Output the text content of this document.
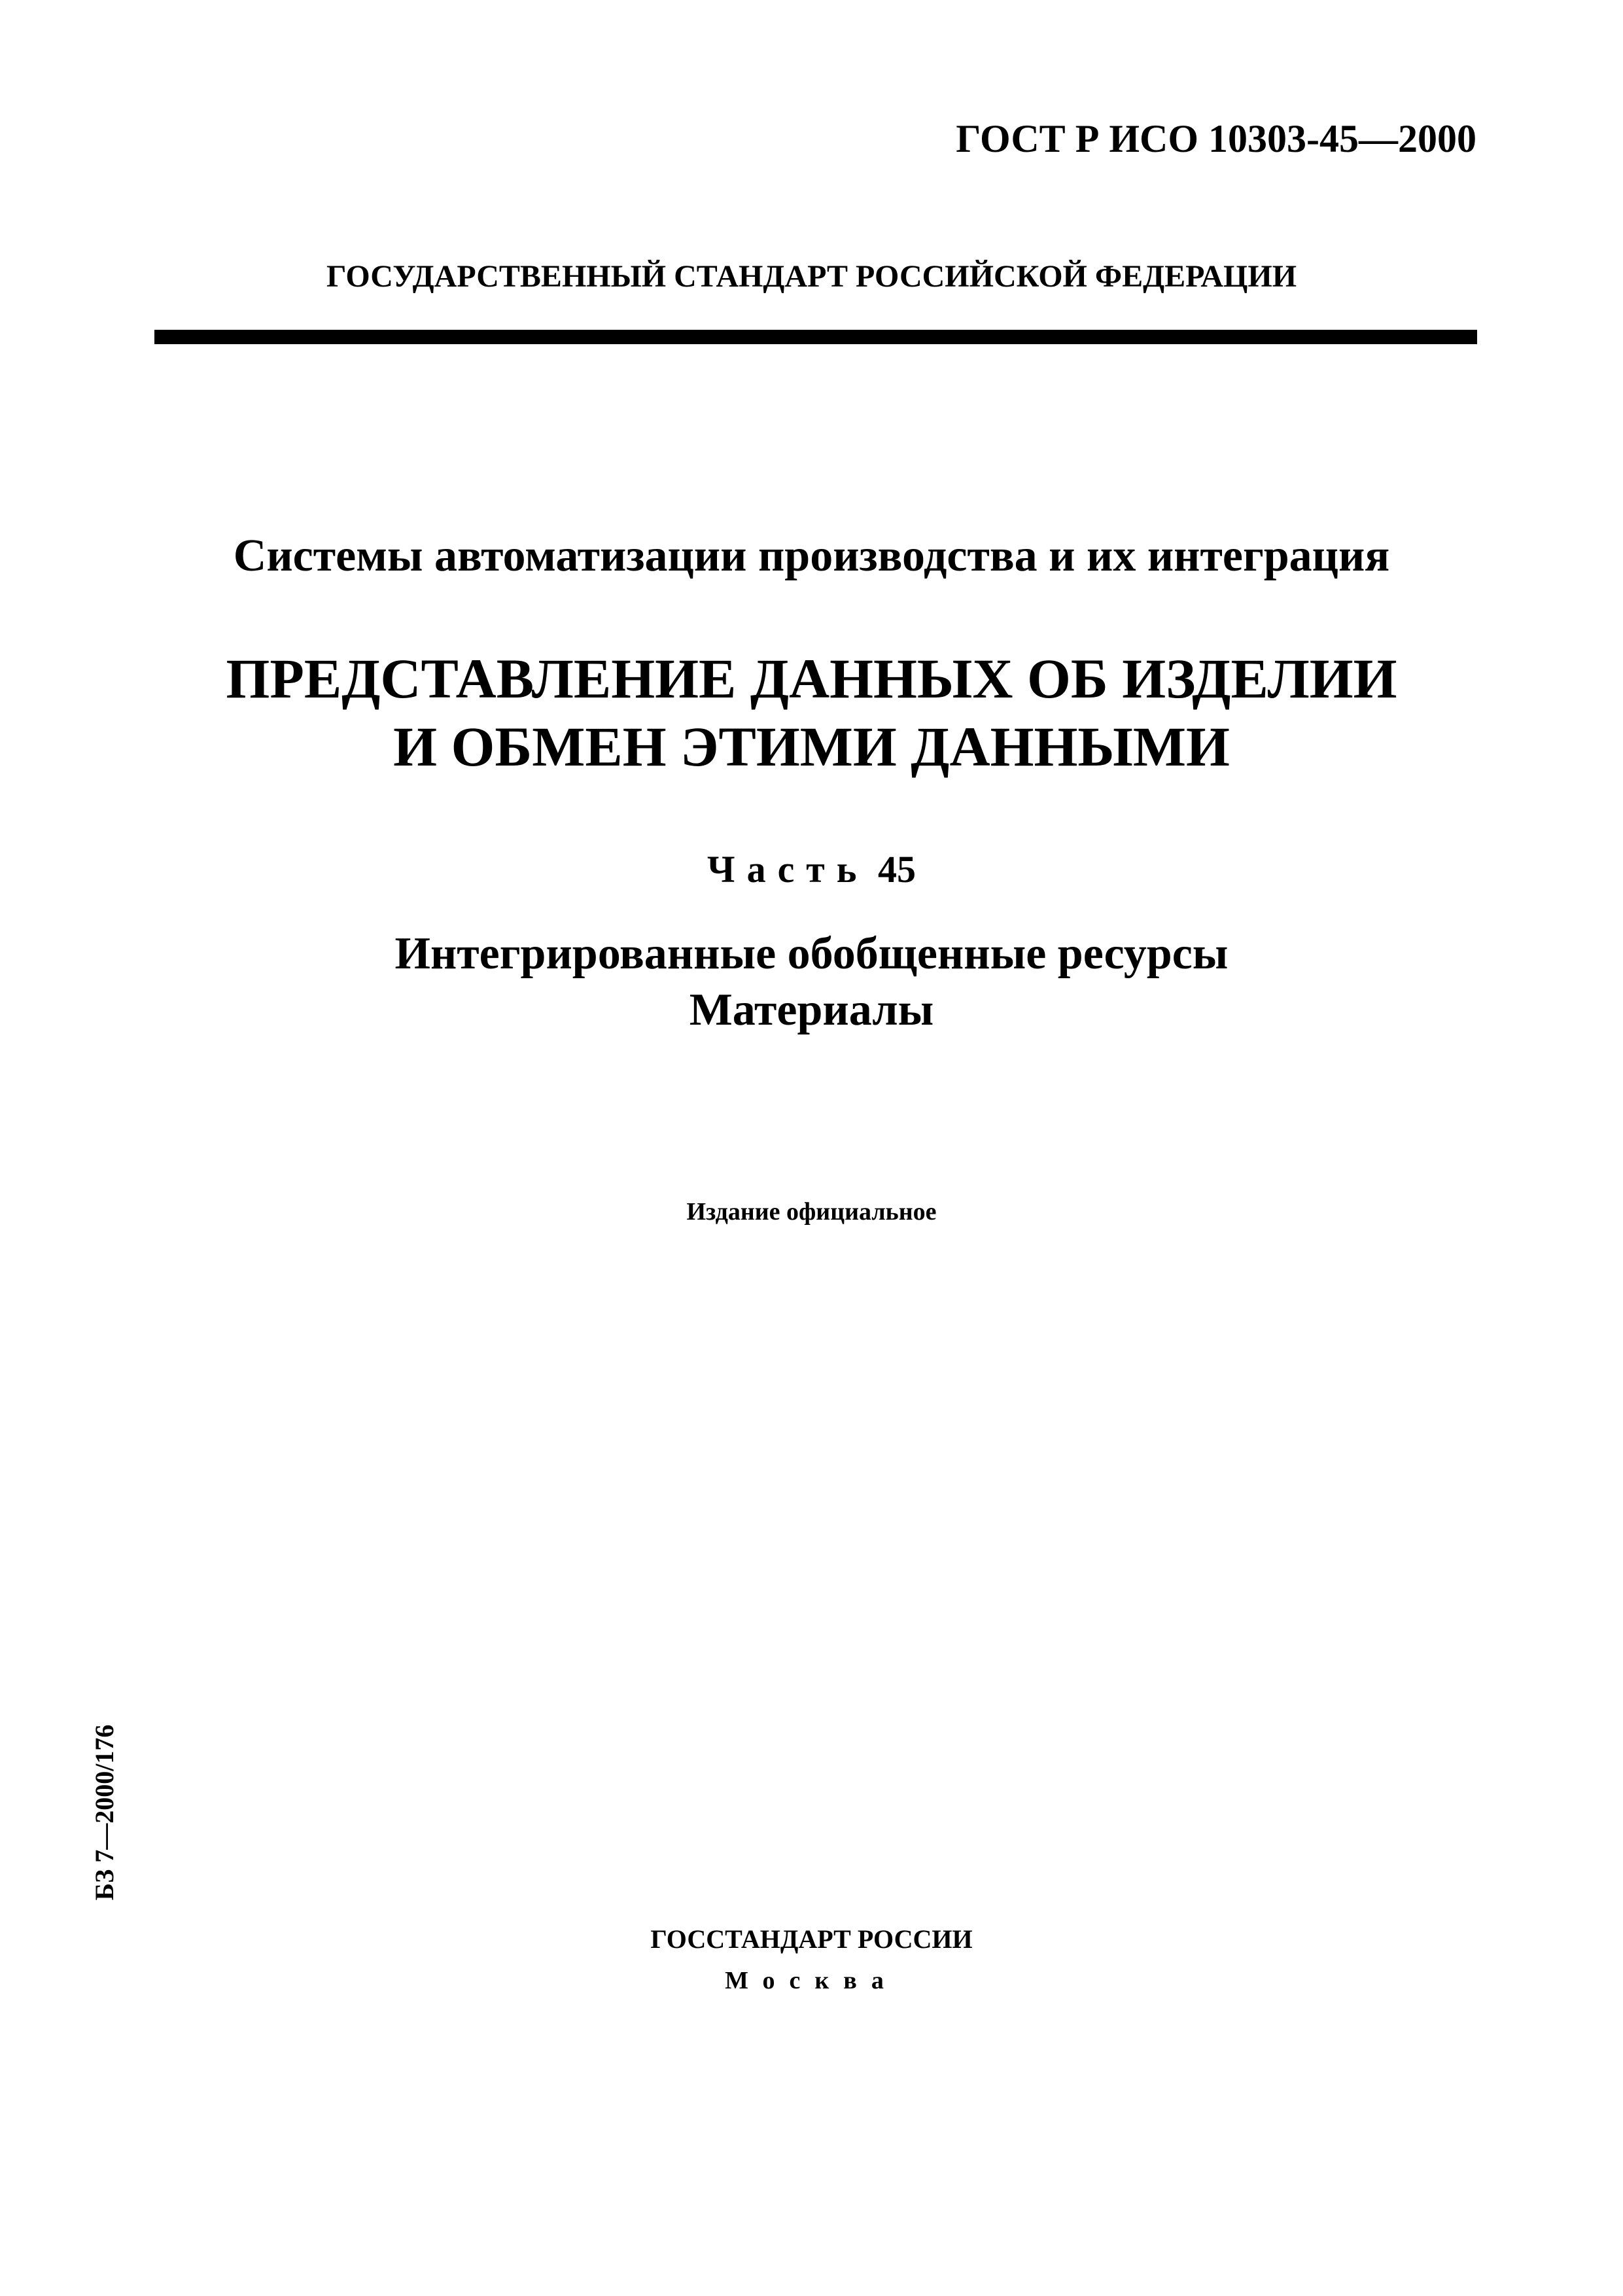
ГОСТ Р ИСО 10303-45—2000
ГОСУДАРСТВЕННЫЙ СТАНДАРТ РОССИЙСКОЙ ФЕДЕРАЦИИ
Системы автоматизации производства и их интеграция
ПРЕДСТАВЛЕНИЕ ДАННЫХ ОБ ИЗДЕЛИИ
И ОБМЕН ЭТИМИ ДАННЫМИ
Часть 45
Интегрированные обобщенные ресурсы
Материалы
Издание официальное
БЗ 7—2000/176
ГОССТАНДАРТ РОССИИ
Москва
